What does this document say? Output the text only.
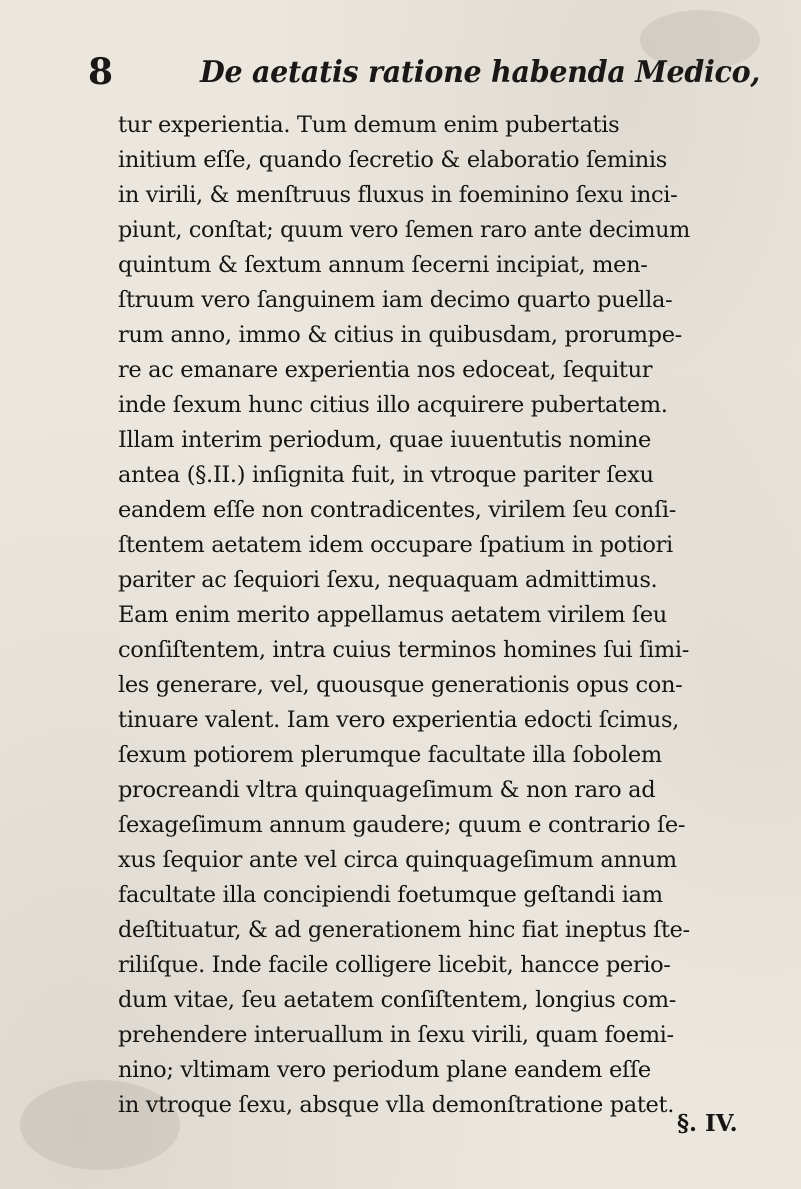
8	De aetatis ratione habenda Medico,
tur experientia. Tum demum enim pubertatis
initium eſſe, quando ſecretio & elaboratio ſeminis
in virili, & menſtruus fluxus in foeminino ſexu inci-
piunt, conſtat; quum vero ſemen raro ante decimum
quintum & ſextum annum ſecerni incipiat, men-
ſtruum vero ſanguinem iam decimo quarto puella-
rum anno, immo & citius in quibusdam, prorumpe-
re ac emanare experientia nos edoceat, ſequitur
inde ſexum hunc citius illo acquirere pubertatem.
Illam interim periodum, quae iuuentutis nomine
antea (§.II.) inſignita fuit, in vtroque pariter ſexu
eandem eſſe non contradicentes, virilem ſeu conſi-
ſtentem aetatem idem occupare ſpatium in potiori
pariter ac ſequiori ſexu, nequaquam admittimus.
Eam enim merito appellamus aetatem virilem ſeu
conſiſtentem, intra cuius terminos homines ſui ſimi-
les generare, vel, quousque generationis opus con-
tinuare valent. Iam vero experientia edocti ſcimus,
ſexum potiorem plerumque facultate illa ſobolem
procreandi vltra quinquageſimum & non raro ad
ſexageſimum annum gaudere; quum e contrario ſe-
xus ſequior ante vel circa quinquageſimum annum
facultate illa concipiendi foetumque geſtandi iam
deſtituatur, & ad generationem hinc fiat ineptus ſte-
riliſque. Inde facile colligere licebit, hancce perio-
dum vitae, ſeu aetatem conſiſtentem, longius com-
prehendere interuallum in ſexu virili, quam foemi-
nino; vltimam vero periodum plane eandem eſſe
in vtroque ſexu, absque vlla demonſtratione patet.
§. IV.
